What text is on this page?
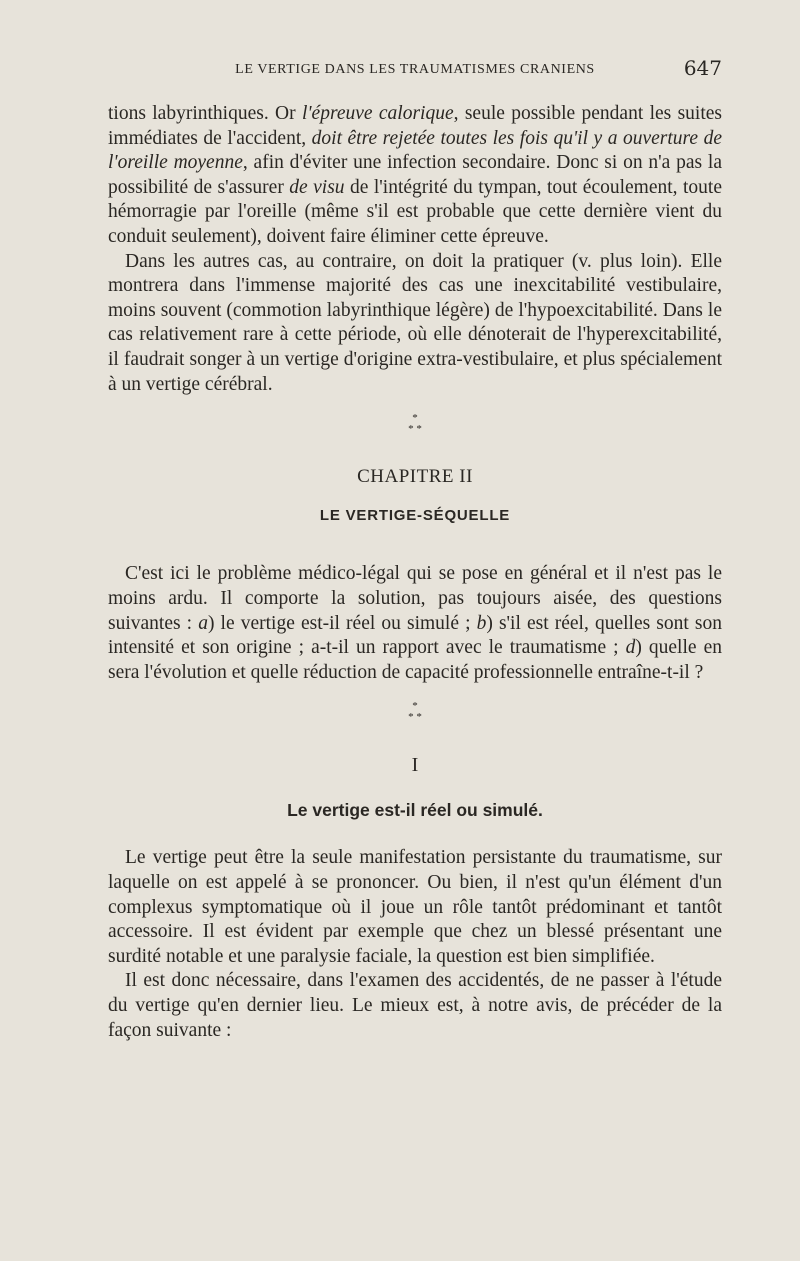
LE VERTIGE DANS LES TRAUMATISMES CRANIENS	647

tions labyrinthiques. Or l'épreuve calorique, seule possible pendant les suites immédiates de l'accident, doit être rejetée toutes les fois qu'il y a ouverture de l'oreille moyenne, afin d'éviter une infection secondaire. Donc si on n'a pas la possibilité de s'assurer de visu de l'intégrité du tympan, tout écoulement, toute hémorragie par l'oreille (même s'il est probable que cette dernière vient du conduit seulement), doivent faire éliminer cette épreuve.

Dans les autres cas, au contraire, on doit la pratiquer (v. plus loin). Elle montrera dans l'immense majorité des cas une inexcitabilité vestibulaire, moins souvent (commotion labyrinthique légère) de l'hypoexcitabilité. Dans le cas relativement rare à cette période, où elle dénoterait de l'hyperexcitabilité, il faudrait songer à un vertige d'origine extra-vestibulaire, et plus spécialement à un vertige cérébral.

*
* *
CHAPITRE II
LE VERTIGE-SÉQUELLE

C'est ici le problème médico-légal qui se pose en général et il n'est pas le moins ardu. Il comporte la solution, pas toujours aisée, des questions suivantes : a) le vertige est-il réel ou simulé ; b) s'il est réel, quelles sont son intensité et son origine ; a-t-il un rapport avec le traumatisme ; d) quelle en sera l'évolution et quelle réduction de capacité professionnelle entraîne-t-il ?

*
* *
I
Le vertige est-il réel ou simulé.

Le vertige peut être la seule manifestation persistante du traumatisme, sur laquelle on est appelé à se prononcer. Ou bien, il n'est qu'un élément d'un complexus symptomatique où il joue un rôle tantôt prédominant et tantôt accessoire. Il est évident par exemple que chez un blessé présentant une surdité notable et une paralysie faciale, la question est bien simplifiée.

Il est donc nécessaire, dans l'examen des accidentés, de ne passer à l'étude du vertige qu'en dernier lieu. Le mieux est, à notre avis, de précéder de la façon suivante :
